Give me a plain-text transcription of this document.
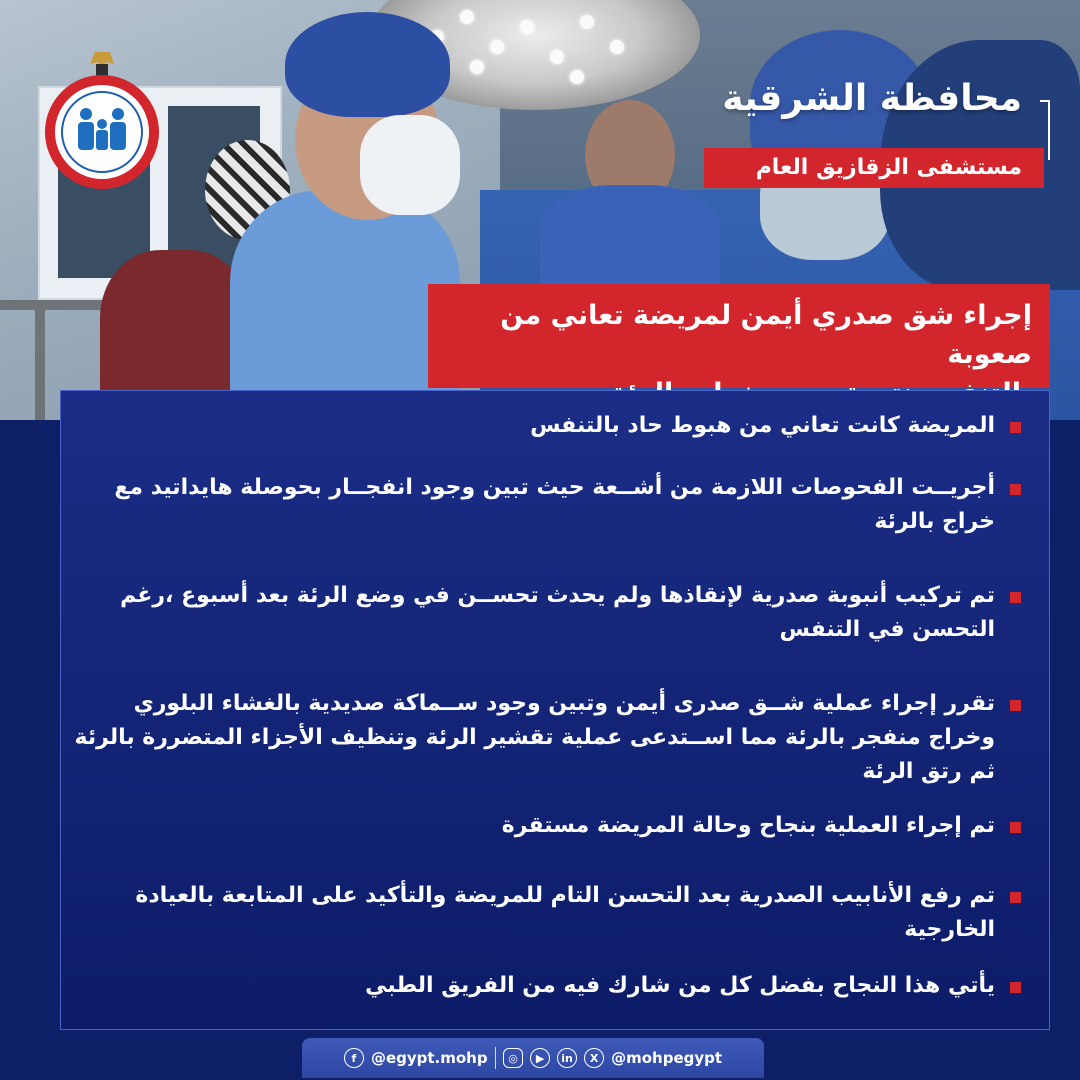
محافظة الشرقية
مستشفى الزقازيق العام
إجراء شق صدري أيمن لمريضة تعاني من صعوبة
المريضة كانت تعاني من هبوط حاد بالتنفس
أجريــت الفحوصات اللازمة من أشــعة حيث تبين وجود انفجــار بحوصلة هايداتيد مع
خراج بالرئة
تم تركيب أنبوبة صدرية لإنقاذها ولم يحدث تحســن في وضع الرئة بعد أسبوع ،رغم
التحسن في التنفس
تقرر إجراء عملية شــق صدرى أيمن وتبين وجود ســماكة صديدية بالغشاء البلوري
وخراج منفجر بالرئة مما اســتدعى عملية تقشير الرئة وتنظيف الأجزاء المتضررة بالرئة
ثم رتق الرئة
تم إجراء العملية بنجاح وحالة المريضة مستقرة
تم رفع الأنابيب الصدرية بعد التحسن التام للمريضة والتأكيد على المتابعة بالعيادة
الخارجية
يأتي هذا النجاح بفضل كل من شارك فيه من الفريق الطبي
f @egypt.mohp	◎	▶	in	X @mohpegypt
